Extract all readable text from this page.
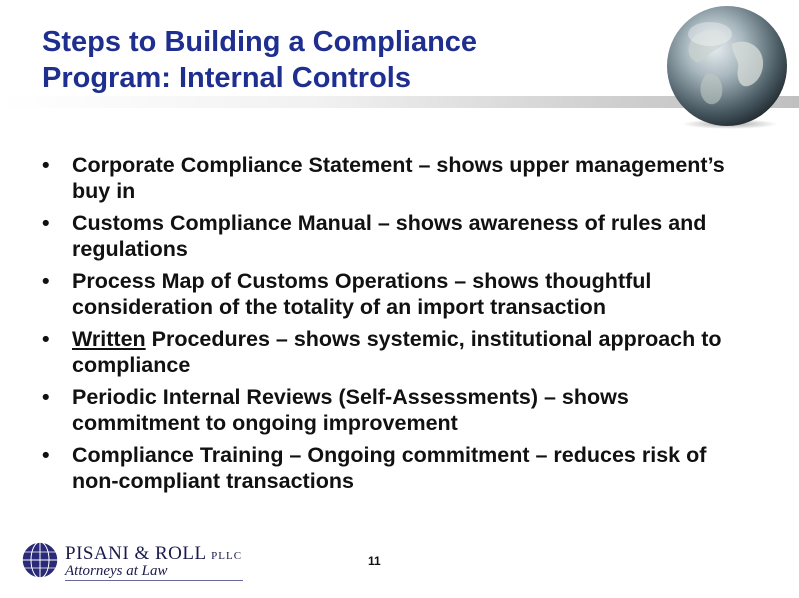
Steps to Building a Compliance
Program: Internal Controls
•	Corporate Compliance Statement – shows upper management’s buy in
•	Customs Compliance Manual – shows awareness of rules and regulations
•	Process Map of Customs Operations – shows thoughtful consideration of the totality of an import transaction
•	Written Procedures – shows systemic, institutional approach to compliance
•	Periodic Internal Reviews (Self-Assessments) – shows commitment to ongoing improvement
•	Compliance Training – Ongoing commitment – reduces risk of non-compliant transactions
PISANI & ROLL PLLC
Attorneys at Law
11
